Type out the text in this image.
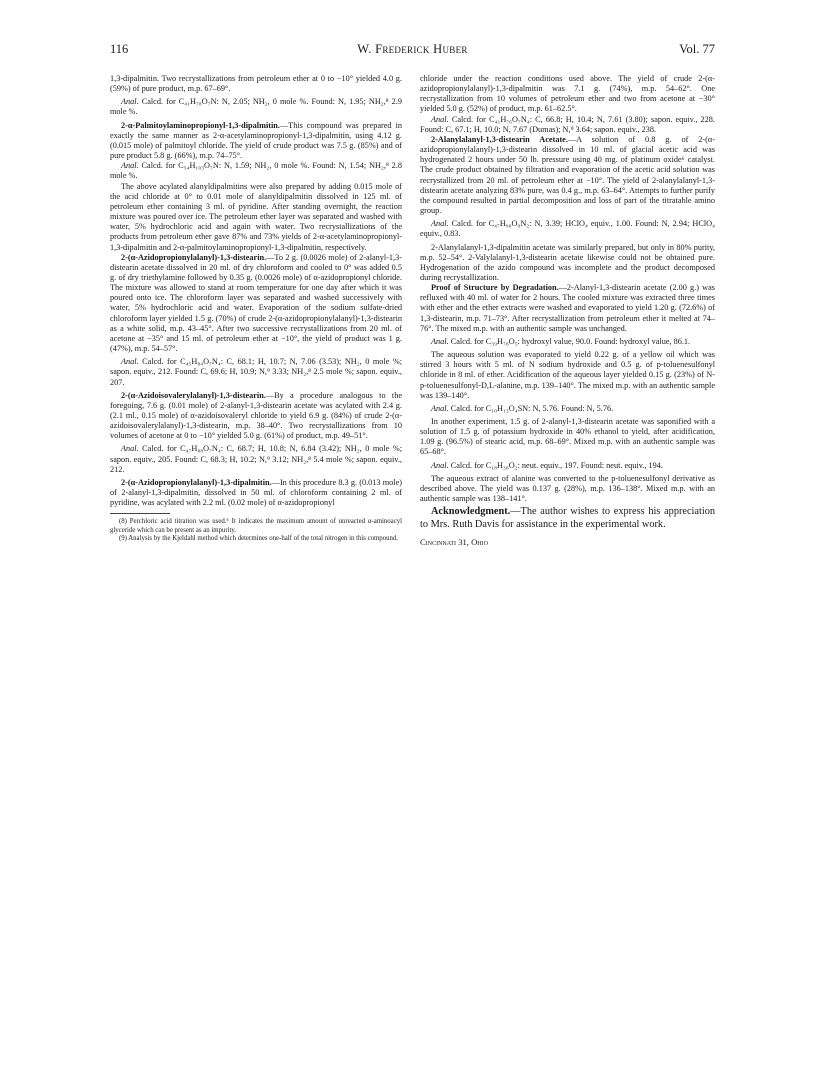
116	W. Frederick Huber	Vol. 77

1,3-dipalmitin. Two recrystallizations from petroleum ether at 0 to −10° yielded 4.0 g. (59%) of pure product, m.p. 67–69°.

Anal. Calcd. for C₄₁H₇₈O₇N: N, 2.05; NH₂, 0 mole %. Found: N, 1.95; NH₂,⁸ 2.9 mole %.

2-α-Palmitoylaminopropionyl-1,3-dipalmitin.—This compound was prepared in exactly the same manner as 2-α-acetylaminopropionyl-1,3-dipalmitin, using 4.12 g. (0.015 mole) of palmitoyl chloride. The yield of crude product was 7.5 g. (85%) and of pure product 5.8 g. (66%), m.p. 74–75°.

Anal. Calcd. for C₅₄H₁₀₃O₇N: N, 1.59; NH₂, 0 mole %. Found: N, 1.54; NH₂,⁸ 2.8 mole %.

The above acylated alanyldipalmitins were also prepared by adding 0.015 mole of the acid chloride at 0° to 0.01 mole of alanyldipalmitin dissolved in 125 ml. of petroleum ether containing 3 ml. of pyridine. After standing overnight, the reaction mixture was poured over ice. The petroleum ether layer was separated and washed with water, 5% hydrochloric acid and again with water. Two recrystallizations of the products from petroleum ether gave 87% and 73% yields of 2-α-acetylaminopropionyl-1,3-dipalmitin and 2-α-palmitoylaminopropionyl-1,3-dipalmitin, respectively.

2-(α-Azidopropionylalanyl)-1,3-distearin.—To 2 g. (0.0026 mole) of 2-alanyl-1,3-distearin acetate dissolved in 20 ml. of dry chloroform and cooled to 0° was added 0.5 g. of dry triethylamine followed by 0.35 g. (0.0026 mole) of α-azidopropionyl chloride. The mixture was allowed to stand at room temperature for one day after which it was poured onto ice. The chloroform layer was separated and washed successively with water, 5% hydrochloric acid and water. Evaporation of the sodium sulfate-dried chloroform layer yielded 1.5 g. (70%) of crude 2-(α-azidopropionylalanyl)-1,3-distearin as a white solid, m.p. 43–45°. After two successive recrystallizations from 20 ml. of acetone at −35° and 15 ml. of petroleum ether at −10°, the yield of product was 1 g. (47%), m.p. 54–57°.

Anal. Calcd. for C₄₅H₈₄O₇N₄: C, 68.1; H, 10.7; N, 7.06 (3.53); NH₂, 0 mole %; sapon. equiv., 212. Found: C, 69.6; H, 10.9; N,⁹ 3.33; NH₂,⁸ 2.5 mole %; sapon. equiv., 207.

2-(α-Azidoisovalerylalanyl)-1,3-distearin.—By a procedure analogous to the foregoing, 7.6 g. (0.01 mole) of 2-alanyl-1,3-distearin acetate was acylated with 2.4 g. (2.1 ml., 0.15 mole) of α-azidoisovaleryl chloride to yield 6.9 g. (84%) of crude 2-(α-azidoisovalerylalanyl)-1,3-distearin, m.p. 38–40°. Two recrystallizations from 10 volumes of acetone at 0 to −10° yielded 5.0 g. (61%) of product, m.p. 49–51°.

Anal. Calcd. for C₄₇H₈₈O₇N₄: C, 68.7; H, 10.8; N, 6.84 (3.42); NH₂, 0 mole %; sapon. equiv., 205. Found: C, 68.3; H, 10.2; N,⁹ 3.12; NH₂,⁸ 5.4 mole %; sapon. equiv., 212.

2-(α-Azidopropionylalanyl)-1,3-dipalmitin.—In this procedure 8.3 g. (0.013 mole) of 2-alanyl-1,3-dipalmitin, dissolved in 50 ml. of chloroform containing 2 ml. of pyridine, was acylated with 2.2 ml. (0.02 mole) of α-azidopropionyl

(8) Perchloric acid titration was used.⁶ It indicates the maximum amount of unreacted α-aminoacyl glyceride which can be present as an impurity.

(9) Analysis by the Kjeldahl method which determines one-half of the total nitrogen in this compound.

chloride under the reaction conditions used above. The yield of crude 2-(α-azidopropionylalanyl)-1,3-dipalmitin was 7.1 g. (74%), m.p. 54–62°. One recrystallization from 10 volumes of petroleum ether and two from acetone at −30° yielded 5.0 g. (52%) of product, m.p. 61–62.5°.

Anal. Calcd. for C₄₁H₇₆O₇N₄: C, 66.8; H, 10.4; N, 7.61 (3.80); sapon. equiv., 228. Found: C, 67.1; H, 10.0; N, 7.67 (Dumas); N,⁹ 3.64; sapon. equiv., 238.

2-Alanylalanyl-1,3-distearin Acetate.—A solution of 0.8 g. of 2-(α-azidopropionylalanyl)-1,3-distearin dissolved in 10 ml. of glacial acetic acid was hydrogenated 2 hours under 50 lb. pressure using 40 mg. of platinum oxide⁶ catalyst. The crude product obtained by filtration and evaporation of the acetic acid solution was recrystallized from 20 ml. of petroleum ether at −10°. The yield of 2-alanylalanyl-1,3-distearin acetate analyzing 83% pure, was 0.4 g., m.p. 63–64°. Attempts to further purify the compound resulted in partial decomposition and loss of part of the titratable amino group.

Anal. Calcd. for C₄₇H₉₀O₉N₂: N, 3.39; HClO₄ equiv., 1.00. Found: N, 2.94; HClO₄ equiv., 0.83.

2-Alanylalanyl-1,3-dipalmitin acetate was similarly prepared, but only in 80% purity, m.p. 52–54°. 2-Valylalanyl-1,3-distearin acetate likewise could not be obtained pure. Hydrogenation of the azido compound was incomplete and the product decomposed during recrystallization.

Proof of Structure by Degradation.—2-Alanyl-1,3-distearin acetate (2.00 g.) was refluxed with 40 ml. of water for 2 hours. The cooled mixture was extracted three times with ether and the ether extracts were washed and evaporated to yield 1.20 g. (72.6%) of 1,3-distearin, m.p. 71–73°. After recrystallization from petroleum ether it melted at 74–76°. The mixed m.p. with an authentic sample was unchanged.

Anal. Calcd. for C₃₉H₇₆O₅: hydroxyl value, 90.0. Found: hydroxyl value, 86.1.

The aqueous solution was evaporated to yield 0.22 g. of a yellow oil which was stirred 3 hours with 5 ml. of N sodium hydroxide and 0.5 g. of p-toluenesulfonyl chloride in 8 ml. of ether. Acidification of the aqueous layer yielded 0.15 g. (23%) of N-p-toluenesulfonyl-D,L-alanine, m.p. 139–140°. The mixed m.p. with an authentic sample was 139–140°.

Anal. Calcd. for C₁₀H₁₃O₄SN: N, 5.76. Found: N, 5.76.

In another experiment, 1.5 g. of 2-alanyl-1,3-distearin acetate was saponified with a solution of 1.5 g. of potassium hydroxide in 40% ethanol to yield, after acidification, 1.09 g. (96.5%) of stearic acid, m.p. 68–69°. Mixed m.p. with an authentic sample was 65–68°.

Anal. Calcd. for C₁₈H₃₆O₂: neut. equiv., 197. Found: neut. equiv., 194.

The aqueous extract of alanine was converted to the p-toluenesulfonyl derivative as described above. The yield was 0.137 g. (28%), m.p. 136–138°. Mixed m.p. with an authentic sample was 138–141°.

Acknowledgment.—The author wishes to express his appreciation to Mrs. Ruth Davis for assistance in the experimental work.

Cincinnati 31, Ohio
